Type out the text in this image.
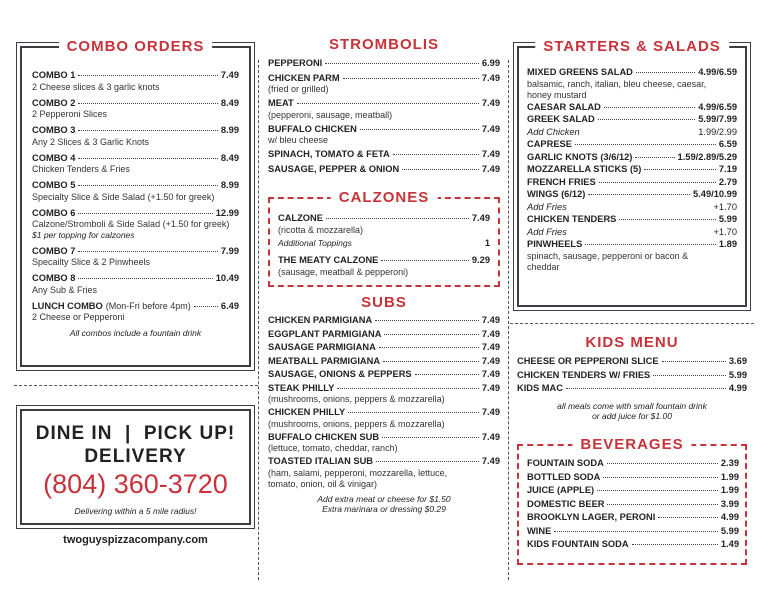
COMBO ORDERS
COMBO 1	7.49
2 Cheese slices & 3 garlic knots
COMBO 2	8.49
2 Pepperoni Slices
COMBO 3	8.99
Any 2 Slices & 3 Garlic Knots
COMBO 4	8.49
Chicken Tenders & Fries
COMBO 5	8.99
Specialty Slice & Side Salad (+1.50 for greek)
COMBO 6	12.99
Calzone/Stromboli & Side Salad (+1.50 for greek)
$1 per topping for calzones
COMBO 7	7.99
Specailty Slice & 2 Pinwheels
COMBO 8	10.49
Any Sub & Fries
LUNCH COMBO (Mon-Fri before 4pm)	6.49
2 Cheese or Pepperoni
All combos include a fountain drink
DINE IN  |  PICK UP!
DELIVERY
(804) 360-3720
Delivering within a 5 mile radius!
twoguyspizzacompany.com
STROMBOLIS
PEPPERONI	6.99
CHICKEN PARM	7.49
(fried or grilled)
MEAT	7.49
(pepperoni, sausage, meatball)
BUFFALO CHICKEN	7.49
w/ bleu cheese
SPINACH, TOMATO & FETA	7.49
SAUSAGE, PEPPER & ONION	7.49
CALZONES
CALZONE	7.49
(ricotta & mozzarella)
Additional Toppings	1
THE MEATY CALZONE	9.29
(sausage, meatball & pepperoni)
SUBS
CHICKEN PARMIGIANA	7.49
EGGPLANT PARMIGIANA	7.49
SAUSAGE PARMIGIANA	7.49
MEATBALL PARMIGIANA	7.49
SAUSAGE, ONIONS & PEPPERS	7.49
STEAK PHILLY	7.49
(mushrooms, onions, peppers & mozzarella)
CHICKEN PHILLY	7.49
(mushrooms, onions, peppers & mozzarella)
BUFFALO CHICKEN SUB	7.49
(lettuce, tomato, cheddar, ranch)
TOASTED ITALIAN SUB	7.49
(ham, salami, pepperoni, mozzarella, lettuce, tomato, onion, oil & vinigar)
Add extra meat or cheese for $1.50
Extra marinara or dressing $0.29
STARTERS & SALADS
MIXED GREENS SALAD	4.99/6.59
balsamic, ranch, italian, bleu cheese, caesar, honey mustard
CAESAR SALAD	4.99/6.59
GREEK SALAD	5.99/7.99
Add Chicken	1.99/2.99
CAPRESE	6.59
GARLIC KNOTS (3/6/12)	1.59/2.89/5.29
MOZZARELLA STICKS (5)	7.19
FRENCH FRIES	2.79
WINGS (6/12)	5.49/10.99
Add Fries	+1.70
CHICKEN TENDERS	5.99
Add Fries	+1.70
PINWHEELS	1.89
spinach, sausage, pepperoni or bacon & cheddar
KIDS MENU
CHEESE OR PEPPERONI SLICE	3.69
CHICKEN TENDERS W/ FRIES	5.99
KIDS MAC	4.99
all meals come with small fountain drink
or add juice for $1.00
BEVERAGES
FOUNTAIN SODA	2.39
BOTTLED SODA	1.99
JUICE (APPLE)	1.99
DOMESTIC BEER	3.99
BROOKLYN LAGER, PERONI	4.99
WINE	5.99
KIDS FOUNTAIN SODA	1.49
